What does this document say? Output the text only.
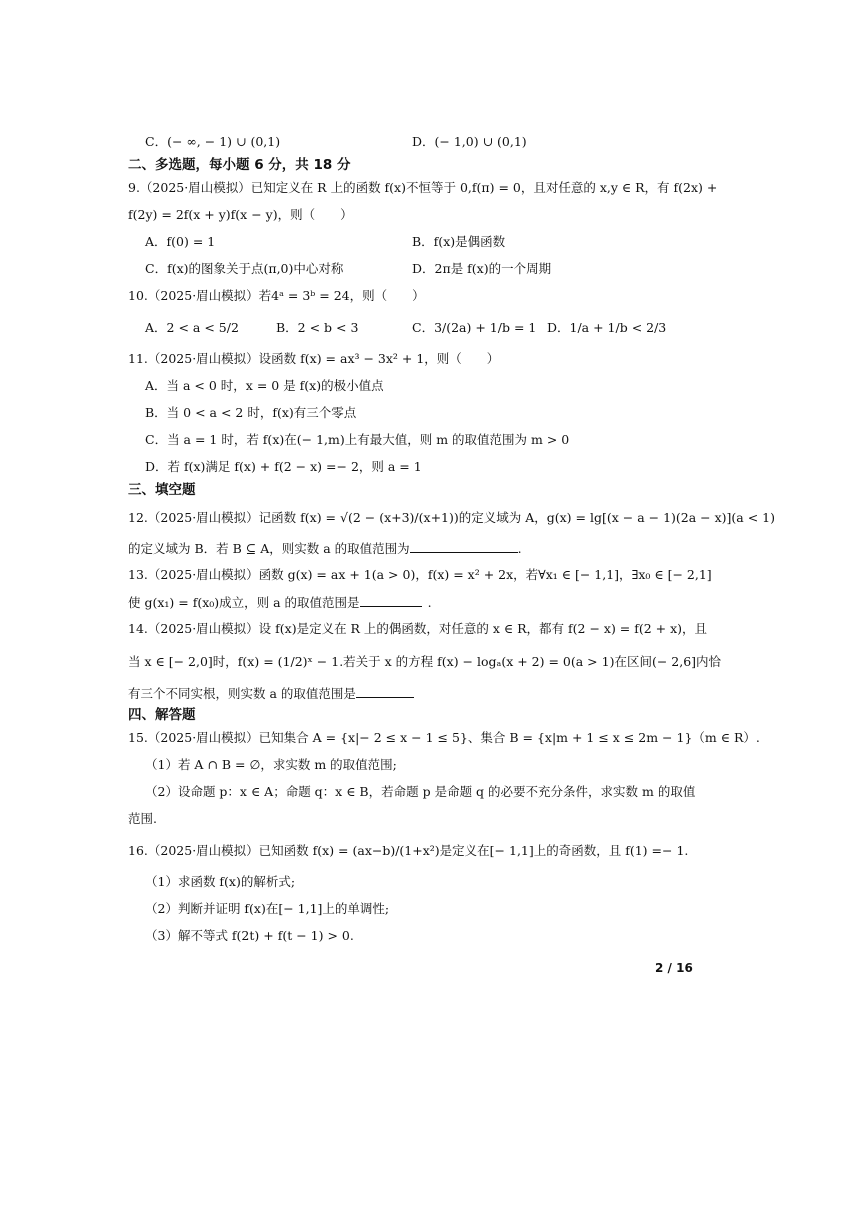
C．(− ∞, − 1) ∪ (0,1)	D．(− 1,0) ∪ (0,1)
二、多选题，每小题 6 分，共 18 分
9.（2025·眉山模拟）已知定义在 R 上的函数 f(x)不恒等于 0,f(π) = 0，且对任意的 x,y ∈ R，有 f(2x) +
f(2y) = 2f(x + y)f(x − y)，则（　　）
A．f(0) = 1	B．f(x)是偶函数
C．f(x)的图象关于点(π,0)中心对称	D．2π是 f(x)的一个周期
10.（2025·眉山模拟）若4ᵃ = 3ᵇ = 24，则（　　）
A．2 < a < 5/2	B．2 < b < 3	C．3/(2a) + 1/b = 1 D．1/a + 1/b < 2/3
11.（2025·眉山模拟）设函数 f(x) = ax³ − 3x² + 1，则（　　）
A．当 a < 0 时，x = 0 是 f(x)的极小值点
B．当 0 < a < 2 时，f(x)有三个零点
C．当 a = 1 时，若 f(x)在(− 1,m)上有最大值，则 m 的取值范围为 m > 0
D．若 f(x)满足 f(x) + f(2 − x) =− 2，则 a = 1
三、填空题
12.（2025·眉山模拟）记函数 f(x) = √(2 − (x+3)/(x+1))的定义域为 A，g(x) = lg[(x − a − 1)(2a − x)](a < 1)
的定义域为 B．若 B ⊆ A，则实数 a 的取值范围为	.
13.（2025·眉山模拟）函数 g(x) = ax + 1(a > 0)，f(x) = x² + 2x，若∀x₁ ∈ [− 1,1]，∃x₀ ∈ [− 2,1]
使 g(x₁) = f(x₀)成立，则 a 的取值范围是	.
14.（2025·眉山模拟）设 f(x)是定义在 R 上的偶函数，对任意的 x ∈ R，都有 f(2 − x) = f(2 + x)，且
当 x ∈ [− 2,0]时，f(x) = (1/2)ˣ − 1.若关于 x 的方程 f(x) − logₐ(x + 2) = 0(a > 1)在区间(− 2,6]内恰
有三个不同实根，则实数 a 的取值范围是
四、解答题
15.（2025·眉山模拟）已知集合 A = {x|− 2 ≤ x − 1 ≤ 5}、集合 B = {x|m + 1 ≤ x ≤ 2m − 1}（m ∈ R）.
（1）若 A ∩ B = ∅，求实数 m 的取值范围;
（2）设命题 p：x ∈ A；命题 q：x ∈ B，若命题 p 是命题 q 的必要不充分条件，求实数 m 的取值
范围.
16.（2025·眉山模拟）已知函数 f(x) = (ax−b)/(1+x²)是定义在[− 1,1]上的奇函数，且 f(1) =− 1.
（1）求函数 f(x)的解析式;
（2）判断并证明 f(x)在[− 1,1]上的单调性;
（3）解不等式 f(2t) + f(t − 1) > 0.
2 / 16
